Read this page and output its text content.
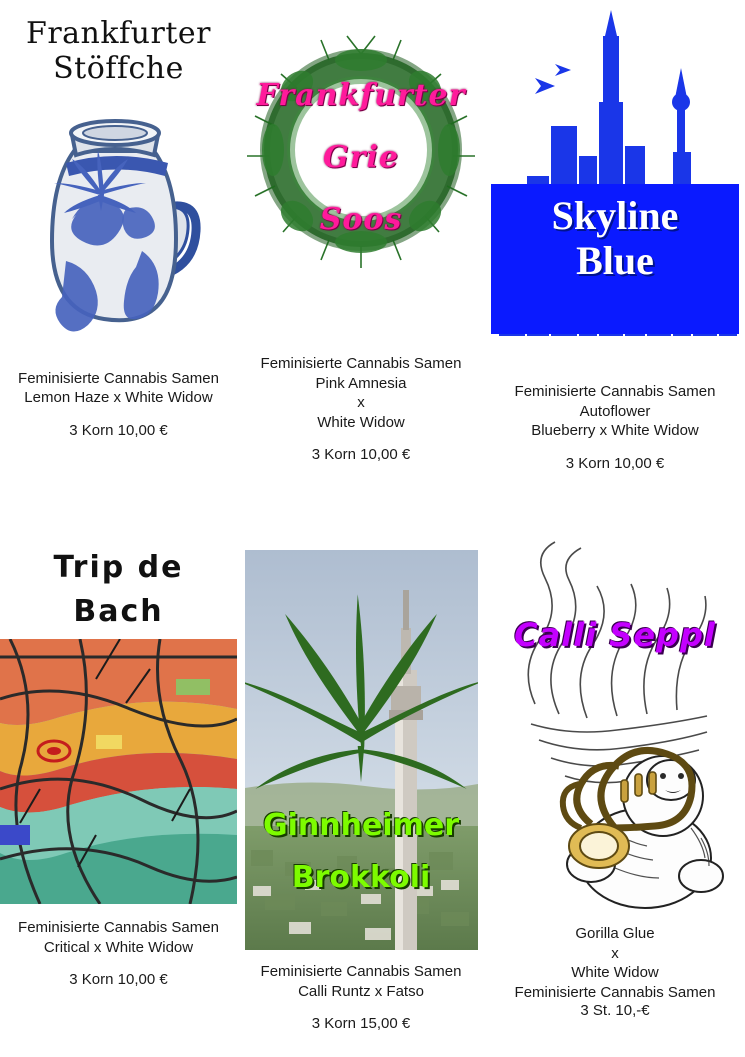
Frankfurter
Stöffche
Feminisierte Cannabis Samen
Lemon Haze x White Widow
3 Korn 10,00 €
Frankfurter
Grie
Soos
Feminisierte Cannabis Samen
Pink Amnesia
x
White Widow
3 Korn 10,00 €
Skyline
Blue
Feminisierte Cannabis Samen
Autoflower
Blueberry x White Widow
3 Korn 10,00 €
Trip de
Bach
Feminisierte Cannabis Samen
Critical x White Widow
3 Korn 10,00 €
Ginnheimer
Brokkoli
Feminisierte Cannabis Samen
Calli Runtz x Fatso
3 Korn 15,00 €
Calli Seppl
Gorilla Glue
x
White Widow
Feminisierte Cannabis Samen
3 St. 10,-€
